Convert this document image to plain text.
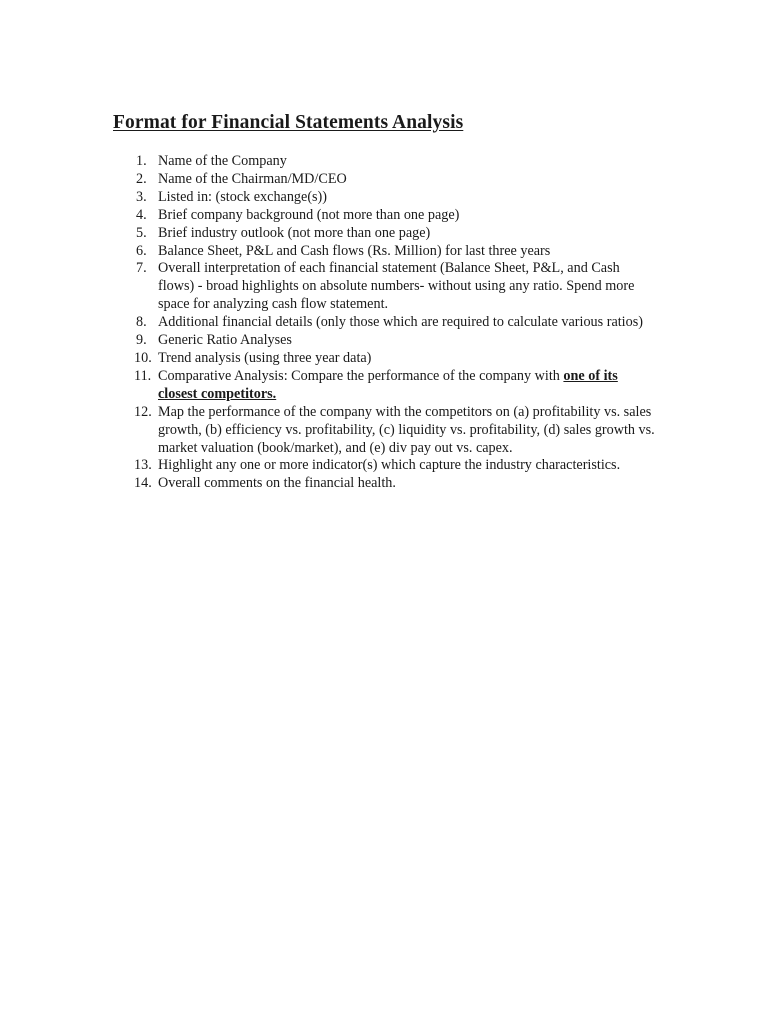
Format for Financial Statements Analysis
1. Name of the Company
2. Name of the Chairman/MD/CEO
3. Listed in: (stock exchange(s))
4. Brief company background (not more than one page)
5. Brief industry outlook (not more than one page)
6. Balance Sheet, P&L and Cash flows (Rs. Million) for last three years
7. Overall interpretation of each financial statement (Balance Sheet, P&L, and Cash flows) - broad highlights on absolute numbers- without using any ratio. Spend more space for analyzing cash flow statement.
8. Additional financial details (only those which are required to calculate various ratios)
9. Generic Ratio Analyses
10. Trend analysis (using three year data)
11. Comparative Analysis: Compare the performance of the company with one of its closest competitors.
12. Map the performance of the company with the competitors on (a) profitability vs. sales growth, (b) efficiency vs. profitability, (c) liquidity vs. profitability, (d) sales growth vs. market valuation (book/market), and (e) div pay out vs. capex.
13. Highlight any one or more indicator(s) which capture the industry characteristics.
14. Overall comments on the financial health.
